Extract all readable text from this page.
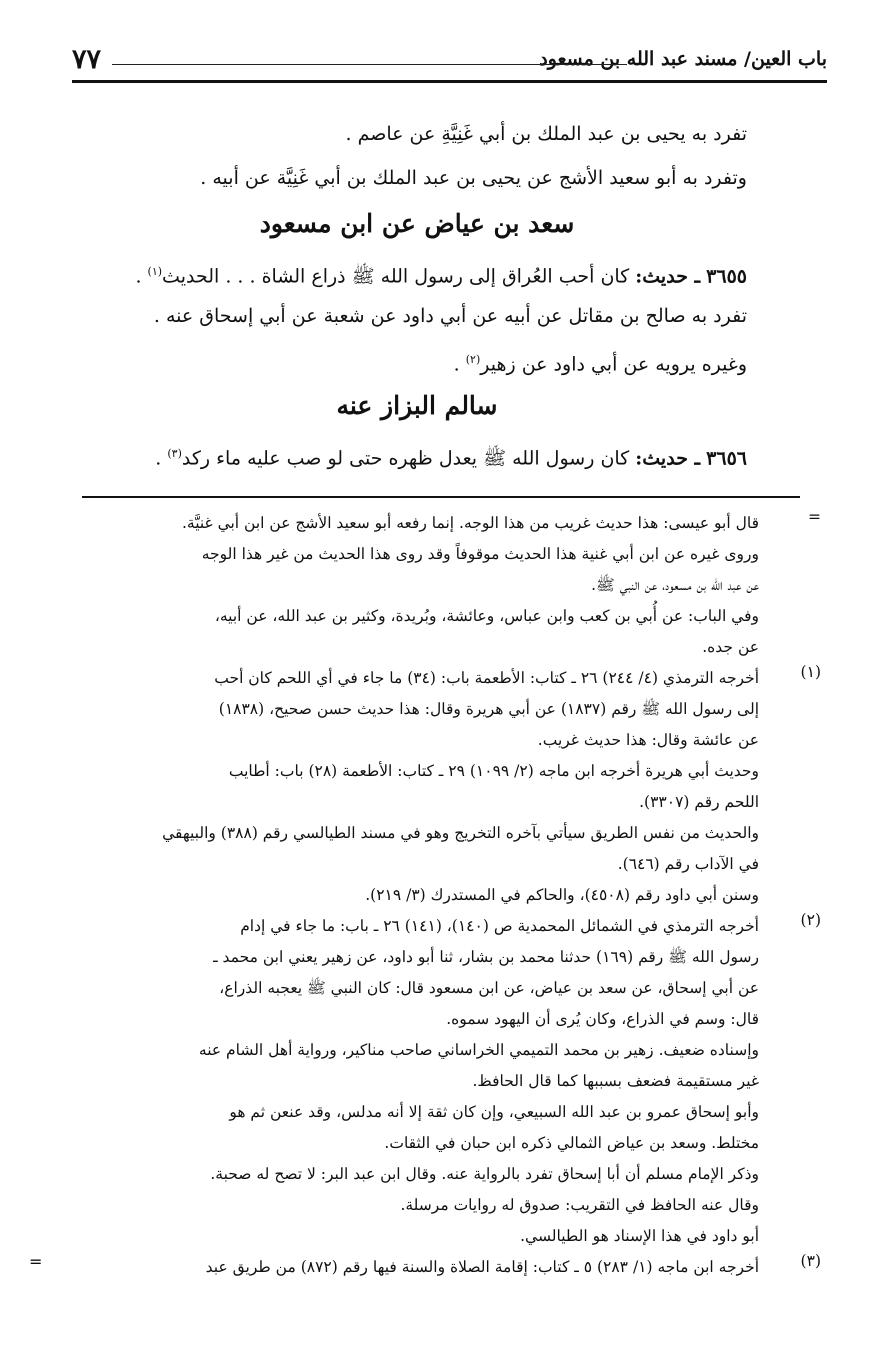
باب العين/ مسند عبد الله بن مسعود
٧٧
تفرد به يحيى بن عبد الملك بن أبي غَنِيَّةِ عن عاصم .
وتفرد به أبو سعيد الأشج عن يحيى بن عبد الملك بن أبي غَنِيَّة عن أبيه .
سعد بن عياض عن ابن مسعود
٣٦٥٥ ـ حديث: كان أحب العُراق إلى رسول الله ﷺ ذراع الشاة . . . الحديث$^{(١)}$ .
تفرد به صالح بن مقاتل عن أبيه عن أبي داود عن شعبة عن أبي إسحاق عنه .
وغيره يرويه عن أبي داود عن زهير$^{(٢)}$ .
سالم البزاز عنه
٣٦٥٦ ـ حديث: كان رسول الله ﷺ يعدل ظهره حتى لو صب عليه ماء ركد$^{(٣)}$ .
=
قال أبو عيسى: هذا حديث غريب من هذا الوجه. إنما رفعه أبو سعيد الأشج عن ابن أبي غنيَّة.
وروى غيره عن ابن أبي غنية هذا الحديث موقوفاً وقد روى هذا الحديث من غير هذا الوجه
عن عبد الله بن مسعود، عن النبي ﷺ.
وفي الباب: عن أُبي بن كعب وابن عباس، وعائشة، وبُريدة، وكثير بن عبد الله، عن أبيه،
عن جده.
(١)
أخرجه الترمذي (٤/ ٢٤٤) ٢٦ ـ كتاب: الأطعمة باب: (٣٤) ما جاء في أي اللحم كان أحب
إلى رسول الله ﷺ رقم (١٨٣٧) عن أبي هريرة وقال: هذا حديث حسن صحيح، (١٨٣٨)
عن عائشة وقال: هذا حديث غريب.
وحديث أبي هريرة أخرجه ابن ماجه (٢/ ١٠٩٩) ٢٩ ـ كتاب: الأطعمة (٢٨) باب: أطايب
اللحم رقم (٣٣٠٧).
والحديث من نفس الطريق سيأتي بآخره التخريج وهو في مسند الطيالسي رقم (٣٨٨) والبيهقي
في الآداب رقم (٦٤٦).
وسنن أبي داود رقم (٤٥٠٨)، والحاكم في المستدرك (٣/ ٢١٩).
(٢)
أخرجه الترمذي في الشمائل المحمدية ص (١٤٠)، (١٤١) ٢٦ ـ باب: ما جاء في إدام
رسول الله ﷺ رقم (١٦٩) حدثنا محمد بن بشار، ثنا أبو داود، عن زهير يعني ابن محمد ـ
عن أبي إسحاق، عن سعد بن عياض، عن ابن مسعود قال: كان النبي ﷺ يعجبه الذراع،
قال: وسم في الذراع، وكان يُرى أن اليهود سموه.
وإسناده ضعيف. زهير بن محمد التميمي الخراساني صاحب مناكير، ورواية أهل الشام عنه
غير مستقيمة فضعف بسببها كما قال الحافظ.
وأبو إسحاق عمرو بن عبد الله السبيعي، وإن كان ثقة إلا أنه مدلس، وقد عنعن ثم هو
مختلط. وسعد بن عياض الثمالي ذكره ابن حبان في الثقات.
وذكر الإمام مسلم أن أبا إسحاق تفرد بالرواية عنه. وقال ابن عبد البر: لا تصح له صحبة.
وقال عنه الحافظ في التقريب: صدوق له روايات مرسلة.
أبو داود في هذا الإسناد هو الطيالسي.
(٣)
=	أخرجه ابن ماجه (١/ ٢٨٣) ٥ ـ كتاب: إقامة الصلاة والسنة فيها رقم (٨٧٢) من طريق عبد
